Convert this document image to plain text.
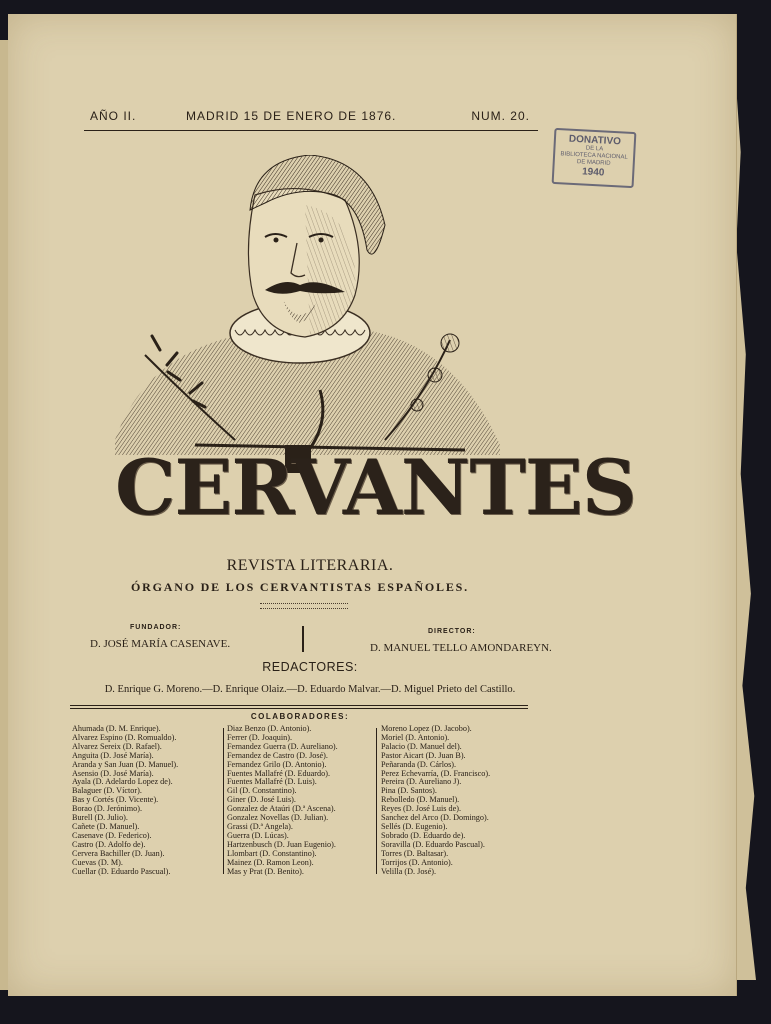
AÑO II.	MADRID 15 DE ENERO DE 1876.	NUM. 20.
DONATIVO
DE LA
BIBLIOTECA NACIONAL
DE MADRID
1940
CERVANTES
REVISTA LITERARIA.
ÓRGANO DE LOS CERVANTISTAS ESPAÑOLES.
FUNDADOR:
D. JOSÉ MARÍA CASENAVE.
DIRECTOR:
D. MANUEL TELLO AMONDAREYN.
REDACTORES:
D. Enrique G. Moreno.—D. Enrique Olaiz.—D. Eduardo Malvar.—D. Miguel Prieto del Castillo.
COLABORADORES:
Ahumada (D. M. Enrique).
Alvarez Espino (D. Romualdo).
Alvarez Sereix (D. Rafael).
Anguita (D. José María).
Aranda y San Juan (D. Manuel).
Asensio (D. José María).
Ayala (D. Adelardo Lopez de).
Balaguer (D. Víctor).
Bas y Cortés (D. Vicente).
Borao (D. Jerónimo).
Burell (D. Julio).
Cañete (D. Manuel).
Casenave (D. Federico).
Castro (D. Adolfo de).
Cervera Bachiller (D. Juan).
Cuevas (D. M).
Cuellar (D. Eduardo Pascual).
Diaz Benzo (D. Antonio).
Ferrer (D. Joaquin).
Fernandez Guerra (D. Aureliano).
Fernandez de Castro (D. José).
Fernandez Grilo (D. Antonio).
Fuentes Mallafré (D. Eduardo).
Fuentes Mallafré (D. Luis).
Gil (D. Constantino).
Giner (D. José Luis).
Gonzalez de Ataúri (D.ª Ascena).
Gonzalez Novellas (D. Julian).
Grassi (D.ª Angela).
Guerra (D. Lúcas).
Hartzenbusch (D. Juan Eugenio).
Llombart (D. Constantino).
Mainez (D. Ramon Leon).
Mas y Prat (D. Benito).
Moreno Lopez (D. Jacobo).
Moriel (D. Antonio).
Palacio (D. Manuel del).
Pastor Aicart (D. Juan B).
Peñaranda (D. Cárlos).
Perez Echevarría, (D. Francisco).
Pereira (D. Aureliano J).
Pina (D. Santos).
Rebolledo (D. Manuel).
Reyes (D. José Luis de).
Sanchez del Arco (D. Domingo).
Sellés (D. Eugenio).
Sobrado (D. Eduardo de).
Soravilla (D. Eduardo Pascual).
Torres (D. Baltasar).
Torrijos (D. Antonio).
Velilla (D. José).
